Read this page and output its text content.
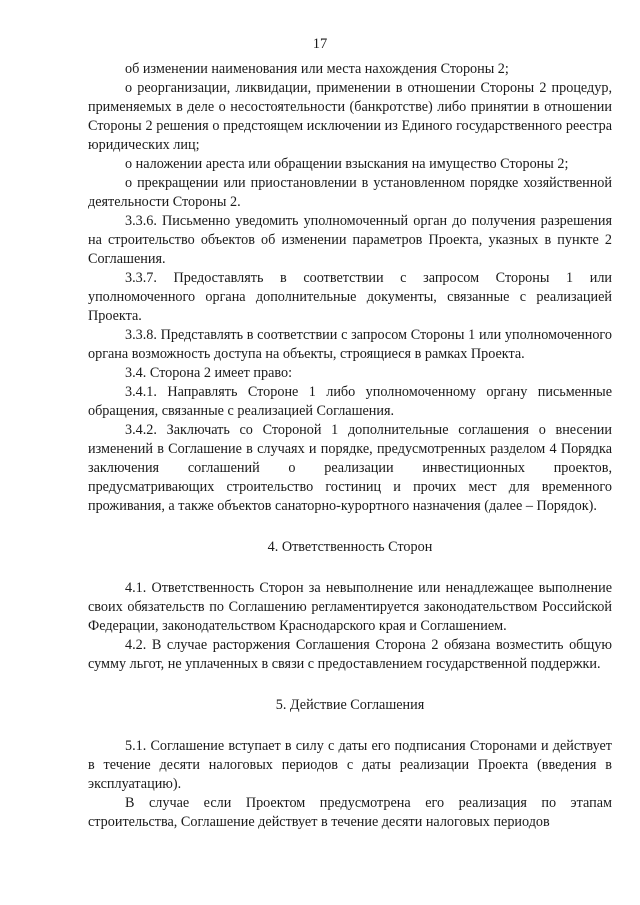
17

об изменении наименования или места нахождения Стороны 2;

о реорганизации, ликвидации, применении в отношении Стороны 2 процедур, применяемых в деле о несостоятельности (банкротстве) либо принятии в отношении Стороны 2 решения о предстоящем исключении из Единого государственного реестра юридических лиц;

о наложении ареста или обращении взыскания на имущество Стороны 2;

о прекращении или приостановлении в установленном порядке хозяйственной деятельности Стороны 2.

3.3.6. Письменно уведомить уполномоченный орган до получения разрешения на строительство объектов об изменении параметров Проекта, указных в пункте 2 Соглашения.

3.3.7. Предоставлять в соответствии с запросом Стороны 1 или уполномоченного органа дополнительные документы, связанные с реализацией Проекта.

3.3.8. Представлять в соответствии с запросом Стороны 1 или уполномоченного органа возможность доступа на объекты, строящиеся в рамках Проекта.

3.4. Сторона 2 имеет право:

3.4.1. Направлять Стороне 1 либо уполномоченному органу письменные обращения, связанные с реализацией Соглашения.

3.4.2. Заключать со Стороной 1 дополнительные соглашения о внесении изменений в Соглашение в случаях и порядке, предусмотренных разделом 4 Порядка заключения соглашений о реализации инвестиционных проектов, предусматривающих строительство гостиниц и прочих мест для временного проживания, а также объектов санаторно-курортного назначения (далее – Порядок).

4. Ответственность Сторон

4.1. Ответственность Сторон за невыполнение или ненадлежащее выполнение своих обязательств по Соглашению регламентируется законодательством Российской Федерации, законодательством Краснодарского края и Соглашением.

4.2. В случае расторжения Соглашения Сторона 2 обязана возместить общую сумму льгот, не уплаченных в связи с предоставлением государственной поддержки.

5. Действие Соглашения

5.1. Соглашение вступает в силу с даты его подписания Сторонами и действует в течение десяти налоговых периодов с даты реализации Проекта (введения в эксплуатацию).

В случае если Проектом предусмотрена его реализация по этапам строительства, Соглашение действует в течение десяти налоговых периодов
